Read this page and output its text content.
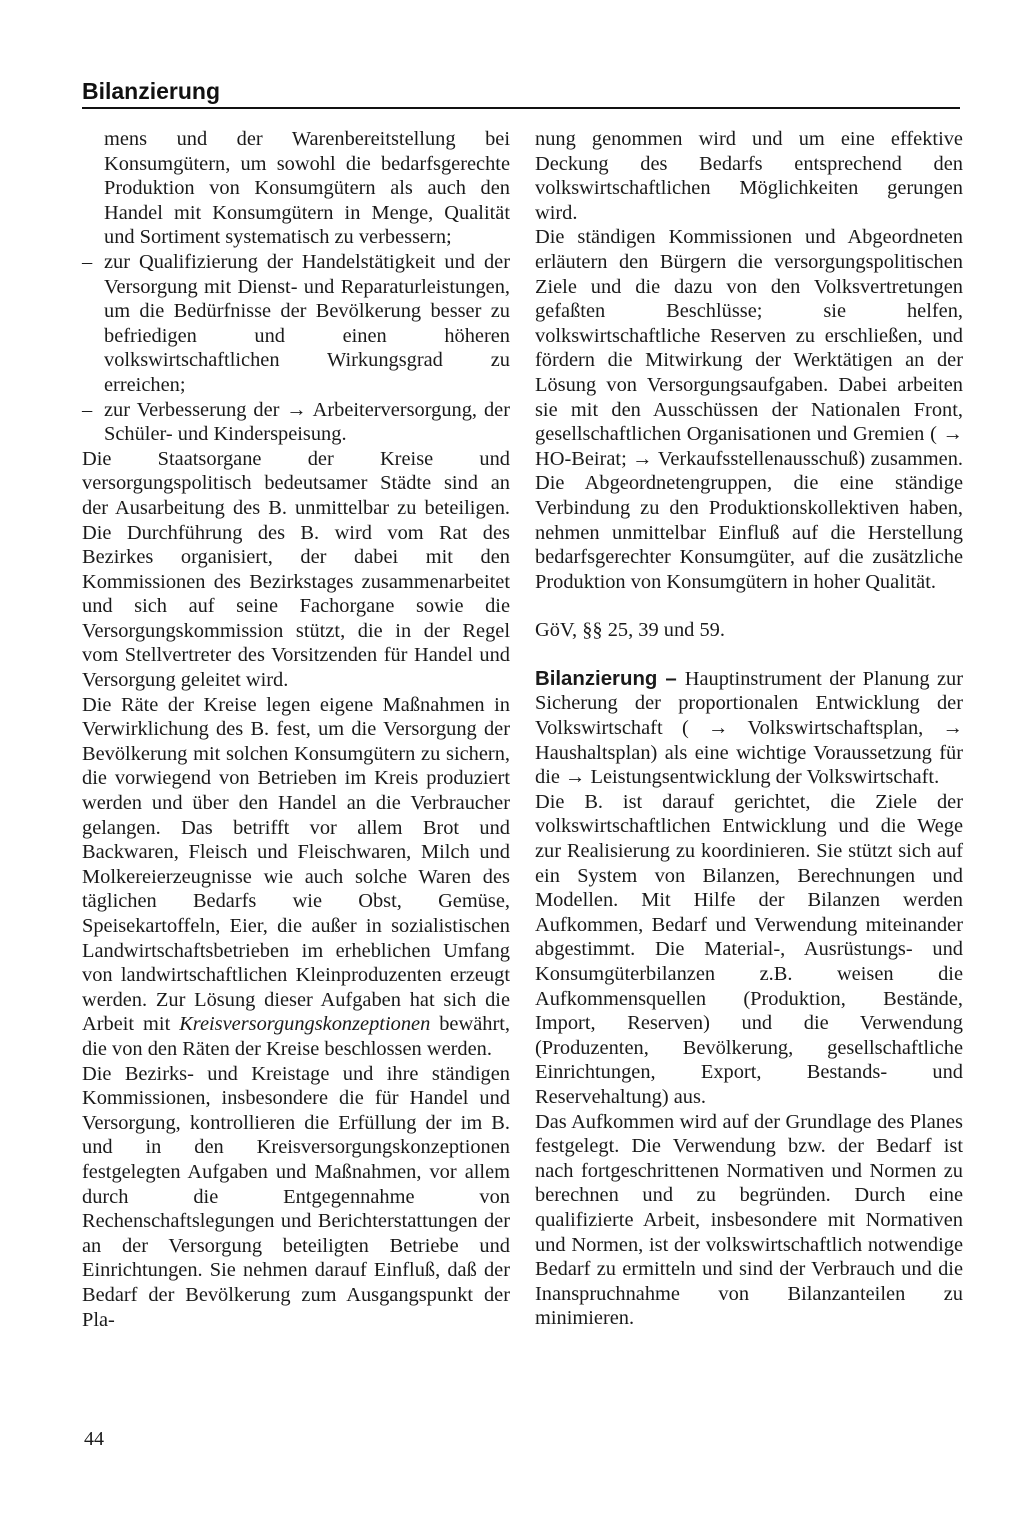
Bilanzierung

mens und der Warenbereitstellung bei Konsumgütern, um sowohl die bedarfsgerechte Produktion von Konsumgütern als auch den Handel mit Konsumgütern in Menge, Qualität und Sortiment systematisch zu verbessern;

– zur Qualifizierung der Handelstätigkeit und der Versorgung mit Dienst- und Reparaturleistungen, um die Bedürfnisse der Bevölkerung besser zu befriedigen und einen höheren volkswirtschaftlichen Wirkungsgrad zu erreichen;

– zur Verbesserung der → Arbeiterversorgung, der Schüler- und Kinderspeisung.

Die Staatsorgane der Kreise und versorgungspolitisch bedeutsamer Städte sind an der Ausarbeitung des B. unmittelbar zu beteiligen. Die Durchführung des B. wird vom Rat des Bezirkes organisiert, der dabei mit den Kommissionen des Bezirkstages zusammenarbeitet und sich auf seine Fachorgane sowie die Versorgungskommission stützt, die in der Regel vom Stellvertreter des Vorsitzenden für Handel und Versorgung geleitet wird.

Die Räte der Kreise legen eigene Maßnahmen in Verwirklichung des B. fest, um die Versorgung der Bevölkerung mit solchen Konsumgütern zu sichern, die vorwiegend von Betrieben im Kreis produziert werden und über den Handel an die Verbraucher gelangen. Das betrifft vor allem Brot und Backwaren, Fleisch und Fleischwaren, Milch und Molkereierzeugnisse wie auch solche Waren des täglichen Bedarfs wie Obst, Gemüse, Speisekartoffeln, Eier, die außer in sozialistischen Landwirtschaftsbetrieben im erheblichen Umfang von landwirtschaftlichen Kleinproduzenten erzeugt werden. Zur Lösung dieser Aufgaben hat sich die Arbeit mit Kreisversorgungskonzeptionen bewährt, die von den Räten der Kreise beschlossen werden.

Die Bezirks- und Kreistage und ihre ständigen Kommissionen, insbesondere die für Handel und Versorgung, kontrollieren die Erfüllung der im B. und in den Kreisversorgungskonzeptionen festgelegten Aufgaben und Maßnahmen, vor allem durch die Entgegennahme von Rechenschaftslegungen und Berichterstattungen der an der Versorgung beteiligten Betriebe und Einrichtungen. Sie nehmen darauf Einfluß, daß der Bedarf der Bevölkerung zum Ausgangspunkt der Pla-

nung genommen wird und um eine effektive Deckung des Bedarfs entsprechend den volkswirtschaftlichen Möglichkeiten gerungen wird.

Die ständigen Kommissionen und Abgeordneten erläutern den Bürgern die versorgungspolitischen Ziele und die dazu von den Volksvertretungen gefaßten Beschlüsse; sie helfen, volkswirtschaftliche Reserven zu erschließen, und fördern die Mitwirkung der Werktätigen an der Lösung von Versorgungsaufgaben. Dabei arbeiten sie mit den Ausschüssen der Nationalen Front, gesellschaftlichen Organisationen und Gremien ( → HO-Beirat; → Verkaufsstellenausschuß) zusammen. Die Abgeordnetengruppen, die eine ständige Verbindung zu den Produktionskollektiven haben, nehmen unmittelbar Einfluß auf die Herstellung bedarfsgerechter Konsumgüter, auf die zusätzliche Produktion von Konsumgütern in hoher Qualität.

GöV, §§ 25, 39 und 59.

Bilanzierung – Hauptinstrument der Planung zur Sicherung der proportionalen Entwicklung der Volkswirtschaft ( → Volkswirtschaftsplan, → Haushaltsplan) als eine wichtige Voraussetzung für die → Leistungsentwicklung der Volkswirtschaft.

Die B. ist darauf gerichtet, die Ziele der volkswirtschaftlichen Entwicklung und die Wege zur Realisierung zu koordinieren. Sie stützt sich auf ein System von Bilanzen, Berechnungen und Modellen. Mit Hilfe der Bilanzen werden Aufkommen, Bedarf und Verwendung miteinander abgestimmt. Die Material-, Ausrüstungs- und Konsumgüterbilanzen z.B. weisen die Aufkommensquellen (Produktion, Bestände, Import, Reserven) und die Verwendung (Produzenten, Bevölkerung, gesellschaftliche Einrichtungen, Export, Bestands- und Reservehaltung) aus.

Das Aufkommen wird auf der Grundlage des Planes festgelegt. Die Verwendung bzw. der Bedarf ist nach fortgeschrittenen Normativen und Normen zu berechnen und zu begründen. Durch eine qualifizierte Arbeit, insbesondere mit Normativen und Normen, ist der volkswirtschaftlich notwendige Bedarf zu ermitteln und sind der Verbrauch und die Inanspruchnahme von Bilanzanteilen zu minimieren.

44
